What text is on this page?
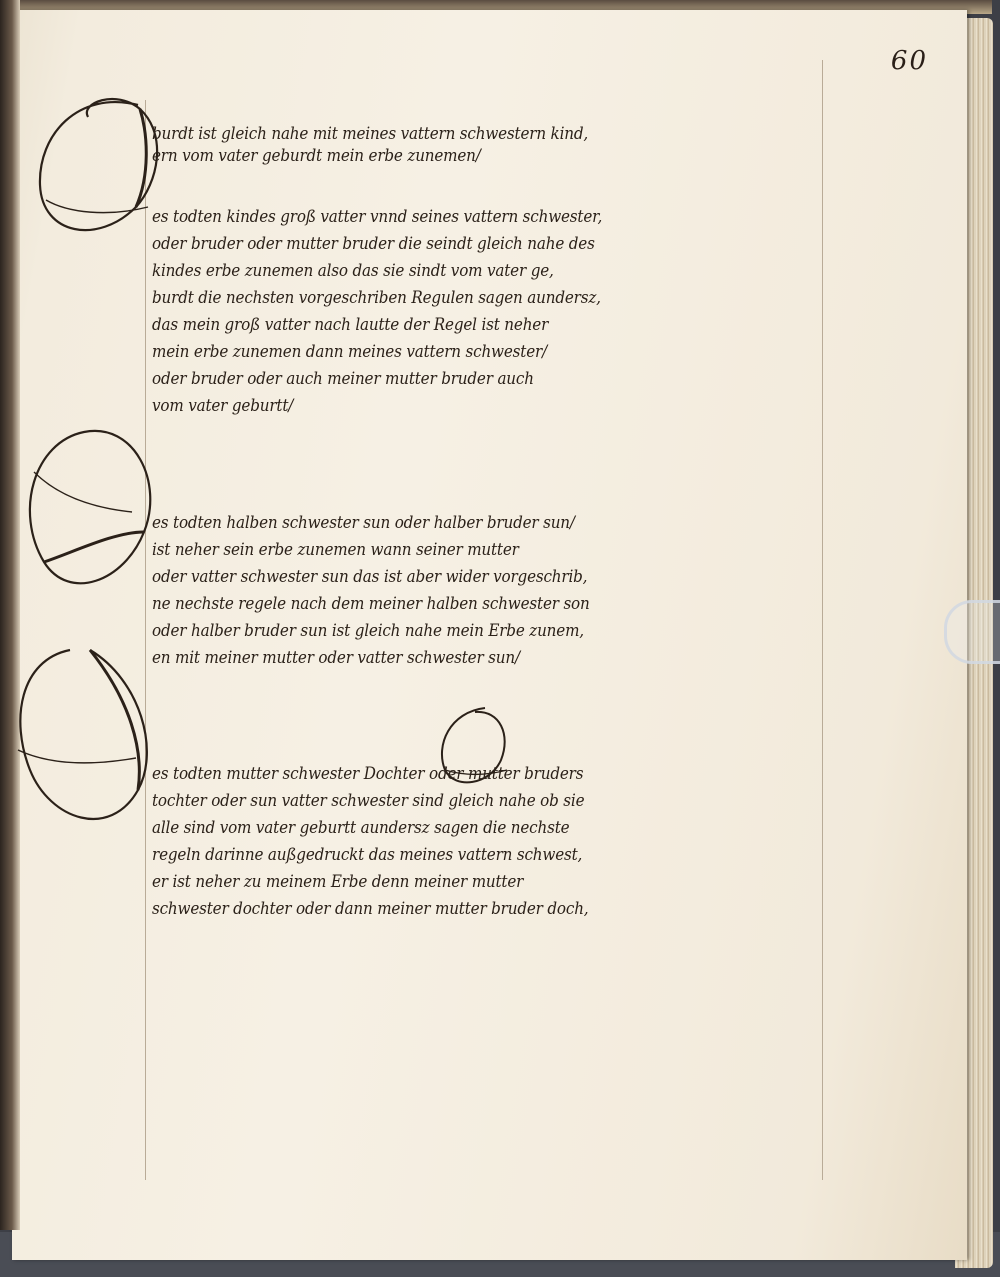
60
burdt ist gleich nahe mit meines vattern schwestern kind,
ern vom vater geburdt mein erbe zunemen/
es todten kindes groß vatter vnnd seines vattern schwester,
oder bruder oder mutter bruder die seindt gleich nahe des
kindes erbe zunemen also das sie sindt vom vater ge,
burdt die nechsten vorgeschriben Regulen sagen aundersz,
das mein groß vatter nach lautte der Regel ist neher
mein erbe zunemen dann meines vattern schwester/
oder bruder oder auch meiner mutter bruder auch
vom vater geburtt/
es todten halben schwester sun oder halber bruder sun/
ist neher sein erbe zunemen wann seiner mutter
oder vatter schwester sun das ist aber wider vorgeschrib,
ne nechste regele nach dem meiner halben schwester son
oder halber bruder sun ist gleich nahe mein Erbe zunem,
en mit meiner mutter oder vatter schwester sun/
es todten mutter schwester Dochter oder mutter bruders
tochter oder sun vatter schwester sind gleich nahe ob sie
alle sind vom vater geburtt aundersz sagen die nechste
regeln darinne außgedruckt das meines vattern schwest,
er ist neher zu meinem Erbe denn meiner mutter
schwester dochter oder dann meiner mutter bruder doch,
